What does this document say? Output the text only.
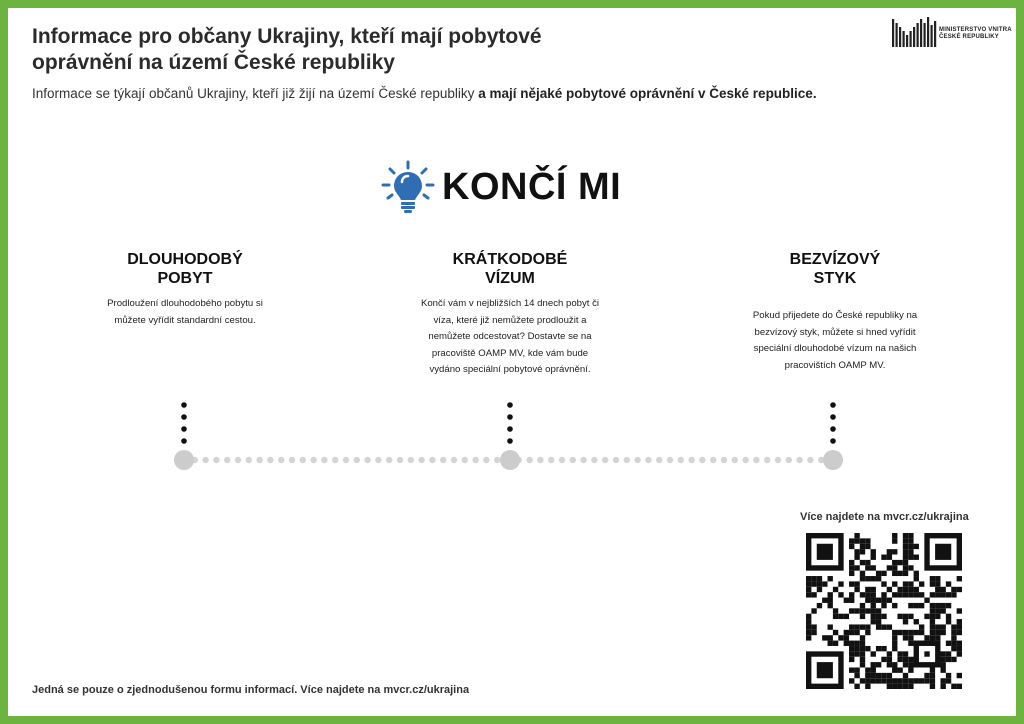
Informace pro občany Ukrajiny, kteří mají pobytové
oprávnění na území České republiky

Informace se týkají občanů Ukrajiny, kteří již žijí na území České republiky a mají nějaké pobytové oprávnění v České republice.

MINISTERSTVO VNITRA
ČESKÉ REPUBLIKY
KONČÍ MI
DLOUHODOBÝ
POBYT

Prodloužení dlouhodobého pobytu si
můžete vyřídit standardní cestou.

KRÁTKODOBÉ
VÍZUM

Končí vám v nejbližších 14 dnech pobyt či
víza, které již nemůžete prodloužit a
nemůžete odcestovat? Dostavte se na
pracoviště OAMP MV, kde vám bude
vydáno speciální pobytové oprávnění.

BEZVÍZOVÝ
STYK

Pokud přijedete do České republiky na
bezvízový styk, můžete si hned vyřídit
speciální dlouhodobé vízum na našich
pracovištích OAMP MV.

Více najdete na mvcr.cz/ukrajina
Jedná se pouze o zjednodušenou formu informací. Více najdete na mvcr.cz/ukrajina
